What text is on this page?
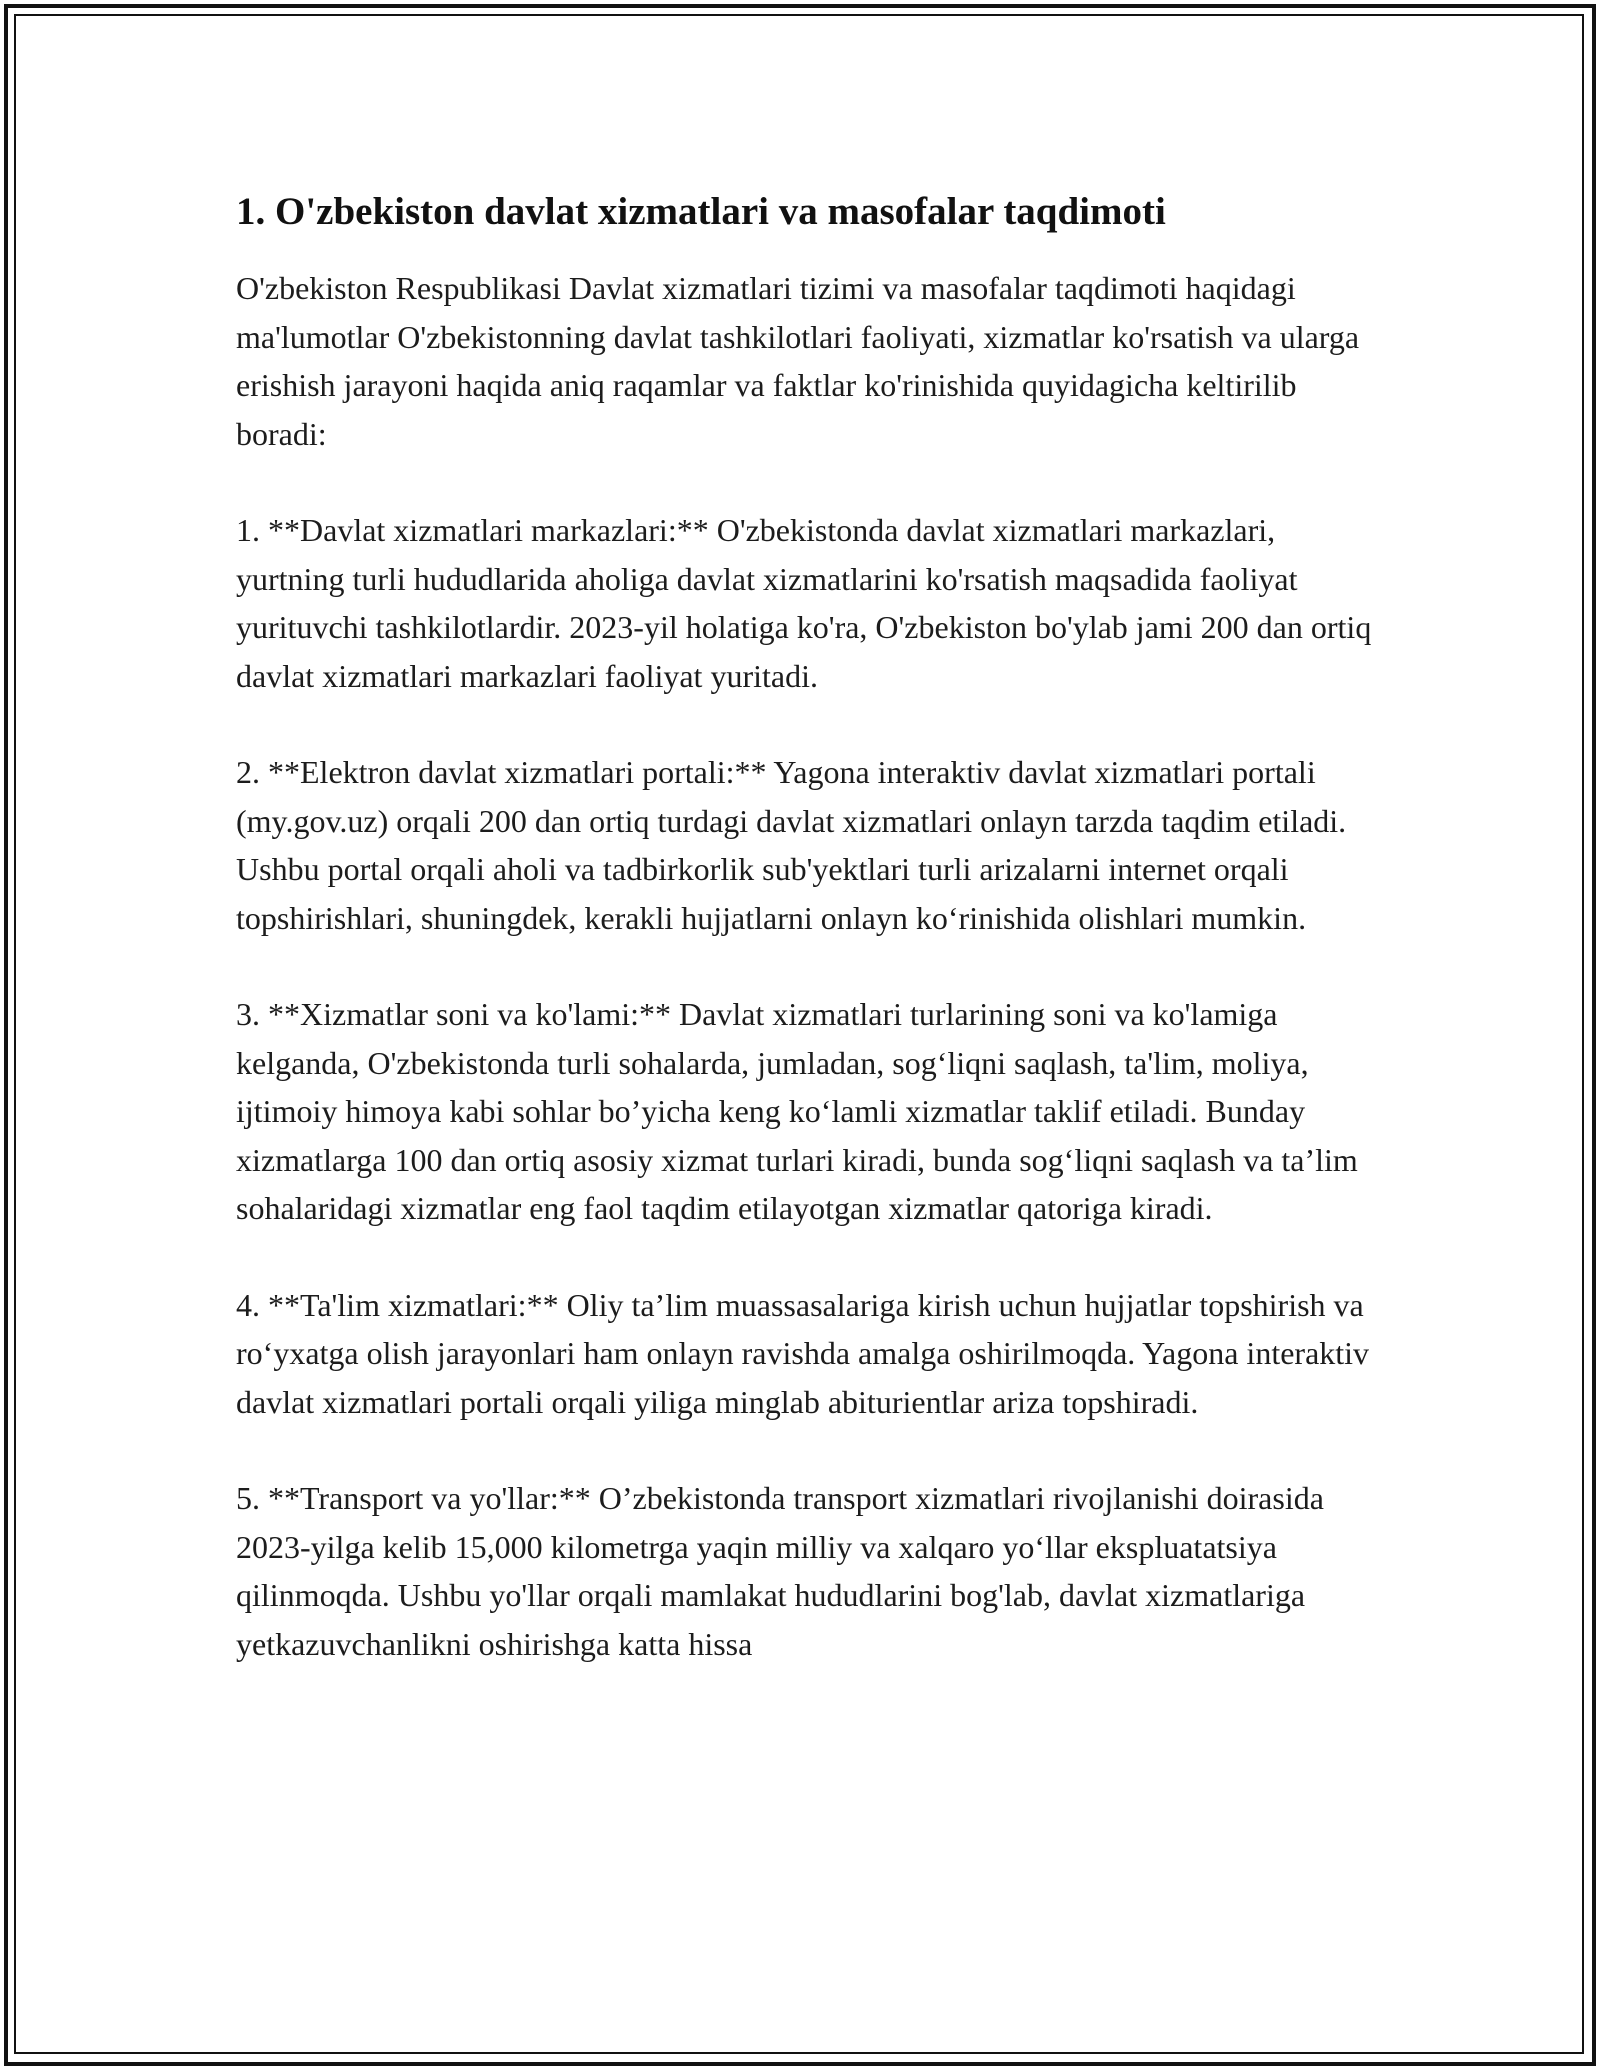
1. O'zbekiston davlat xizmatlari va masofalar taqdimoti

O'zbekiston Respublikasi Davlat xizmatlari tizimi va masofalar taqdimoti haqidagi ma'lumotlar O'zbekistonning davlat tashkilotlari faoliyati, xizmatlar ko'rsatish va ularga erishish jarayoni haqida aniq raqamlar va faktlar ko'rinishida quyidagicha keltirilib boradi:

1. **Davlat xizmatlari markazlari:** O'zbekistonda davlat xizmatlari markazlari, yurtning turli hududlarida aholiga davlat xizmatlarini ko'rsatish maqsadida faoliyat yurituvchi tashkilotlardir. 2023-yil holatiga ko'ra, O'zbekiston bo'ylab jami 200 dan ortiq davlat xizmatlari markazlari faoliyat yuritadi.

2. **Elektron davlat xizmatlari portali:** Yagona interaktiv davlat xizmatlari portali (my.gov.uz) orqali 200 dan ortiq turdagi davlat xizmatlari onlayn tarzda taqdim etiladi. Ushbu portal orqali aholi va tadbirkorlik sub'yektlari turli arizalarni internet orqali topshirishlari, shuningdek, kerakli hujjatlarni onlayn ko‘rinishida olishlari mumkin.

3. **Xizmatlar soni va ko'lami:** Davlat xizmatlari turlarining soni va ko'lamiga kelganda, O'zbekistonda turli sohalarda, jumladan, sog‘liqni saqlash, ta'lim, moliya, ijtimoiy himoya kabi sohlar bo’yicha keng ko‘lamli xizmatlar taklif etiladi. Bunday xizmatlarga 100 dan ortiq asosiy xizmat turlari kiradi, bunda sog‘liqni saqlash va ta’lim sohalaridagi xizmatlar eng faol taqdim etilayotgan xizmatlar qatoriga kiradi.

4. **Ta'lim xizmatlari:** Oliy ta’lim muassasalariga kirish uchun hujjatlar topshirish va ro‘yxatga olish jarayonlari ham onlayn ravishda amalga oshirilmoqda. Yagona interaktiv davlat xizmatlari portali orqali yiliga minglab abiturientlar ariza topshiradi.

5. **Transport va yo'llar:** O’zbekistonda transport xizmatlari rivojlanishi doirasida 2023-yilga kelib 15,000 kilometrga yaqin milliy va xalqaro yo‘llar ekspluatatsiya qilinmoqda. Ushbu yo'llar orqali mamlakat hududlarini bog'lab, davlat xizmatlariga yetkazuvchanlikni oshirishga katta hissa
